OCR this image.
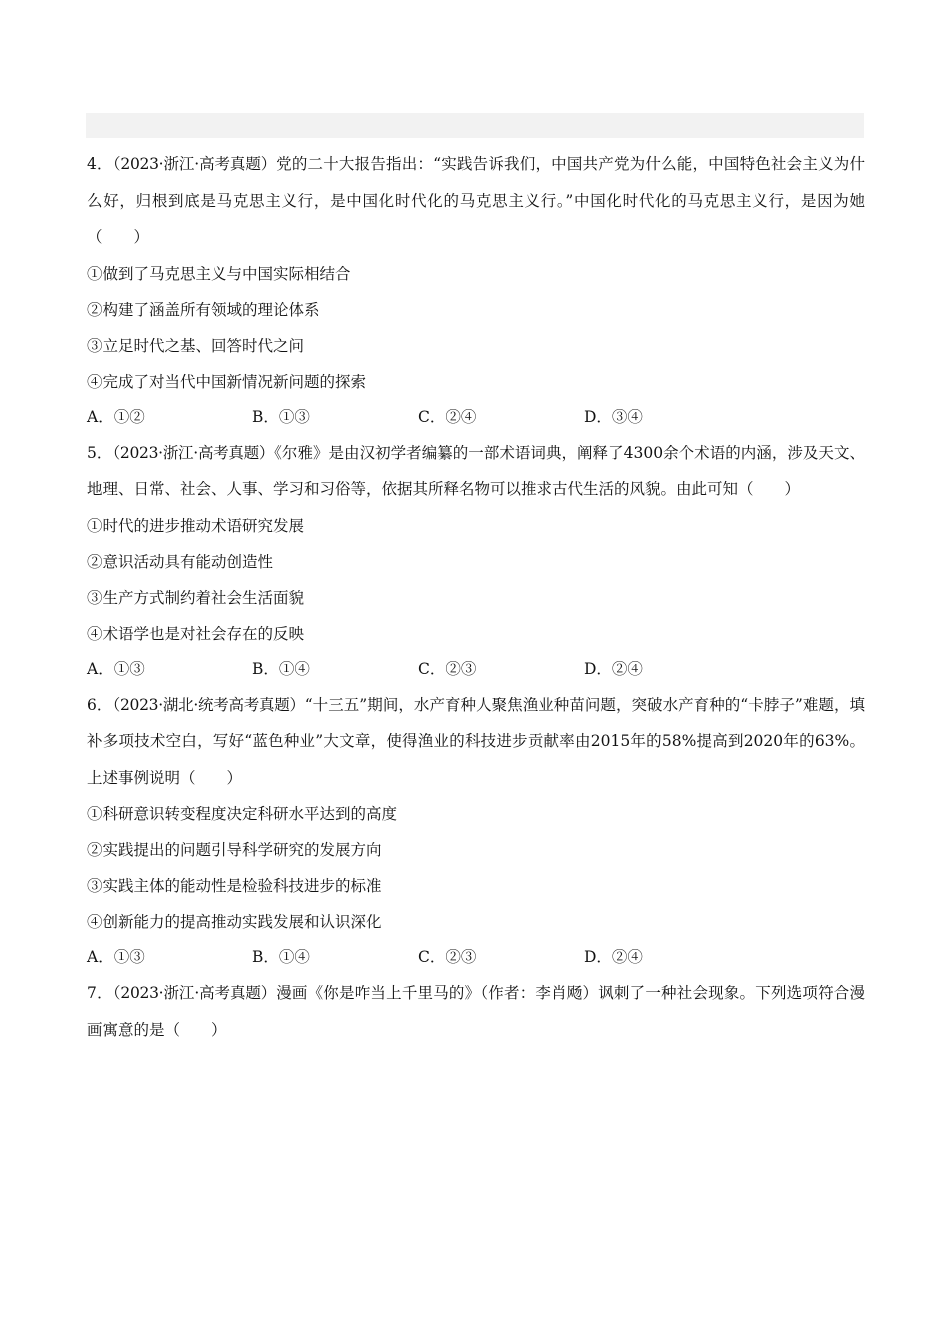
4．（2023·浙江·高考真题）党的二十大报告指出：“实践告诉我们，中国共产党为什么能，中国特色社会主义为什么好，归根到底是马克思主义行，是中国化时代化的马克思主义行。”中国化时代化的马克思主义行，是因为她（　　）

①做到了马克思主义与中国实际相结合

②构建了涵盖所有领域的理论体系

③立足时代之基、回答时代之问

④完成了对当代中国新情况新问题的探索

A．①②	B．①③	C．②④	D．③④

5．（2023·浙江·高考真题）《尔雅》是由汉初学者编纂的一部术语词典，阐释了4300余个术语的内涵，涉及天文、地理、日常、社会、人事、学习和习俗等，依据其所释名物可以推求古代生活的风貌。由此可知（　　）

①时代的进步推动术语研究发展

②意识活动具有能动创造性

③生产方式制约着社会生活面貌

④术语学也是对社会存在的反映

A．①③	B．①④	C．②③	D．②④

6．（2023·湖北·统考高考真题）“十三五”期间，水产育种人聚焦渔业种苗问题，突破水产育种的“卡脖子”难题，填补多项技术空白，写好“蓝色种业”大文章，使得渔业的科技进步贡献率由2015年的58%提高到2020年的63%。上述事例说明（　　）

①科研意识转变程度决定科研水平达到的高度

②实践提出的问题引导科学研究的发展方向

③实践主体的能动性是检验科技进步的标准

④创新能力的提高推动实践发展和认识深化

A．①③	B．①④	C．②③	D．②④

7．（2023·浙江·高考真题）漫画《你是咋当上千里马的》（作者：李肖飏）讽刺了一种社会现象。下列选项符合漫画寓意的是（　　）
